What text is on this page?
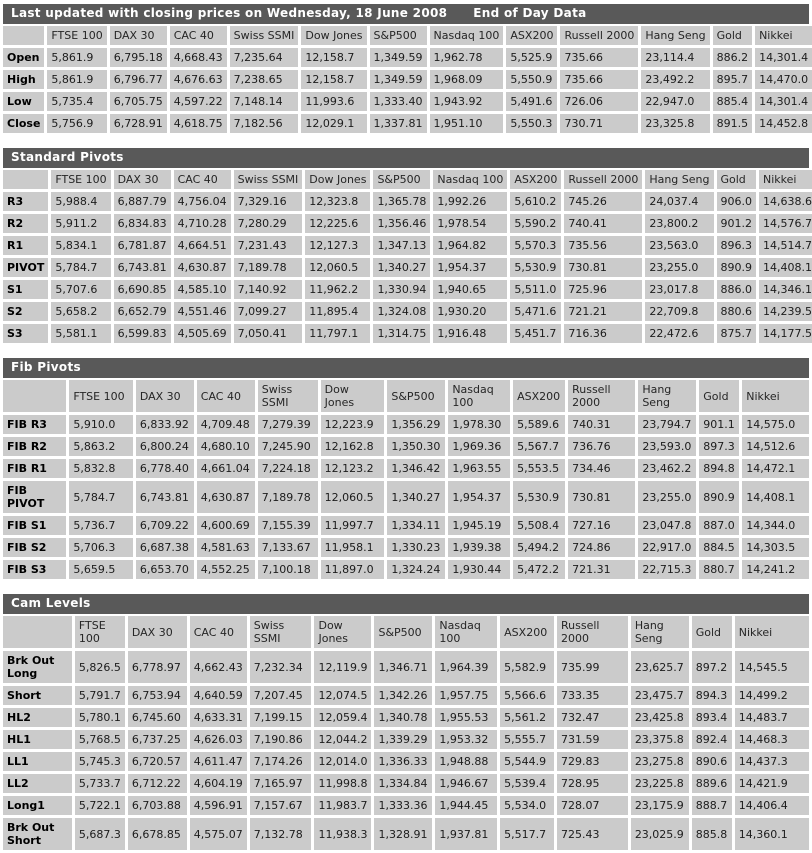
Last updated with closing prices on Wednesday, 18 June 2008 End of Day Data
	FTSE 100	DAX 30	CAC 40	Swiss SSMI	Dow Jones	S&P500	Nasdaq 100	ASX200	Russell 2000	Hang Seng	Gold	Nikkei
Open	5,861.9	6,795.18	4,668.43	7,235.64	12,158.7	1,349.59	1,962.78	5,525.9	735.66	23,114.4	886.2	14,301.4
High	5,861.9	6,796.77	4,676.63	7,238.65	12,158.7	1,349.59	1,968.09	5,550.9	735.66	23,492.2	895.7	14,470.0
Low	5,735.4	6,705.75	4,597.22	7,148.14	11,993.6	1,333.40	1,943.92	5,491.6	726.06	22,947.0	885.4	14,301.4
Close	5,756.9	6,728.91	4,618.75	7,182.56	12,029.1	1,337.81	1,951.10	5,550.3	730.71	23,325.8	891.5	14,452.8
Standard Pivots
	FTSE 100	DAX 30	CAC 40	Swiss SSMI	Dow Jones	S&P500	Nasdaq 100	ASX200	Russell 2000	Hang Seng	Gold	Nikkei
R3	5,988.4	6,887.79	4,756.04	7,329.16	12,323.8	1,365.78	1,992.26	5,610.2	745.26	24,037.4	906.0	14,638.6
R2	5,911.2	6,834.83	4,710.28	7,280.29	12,225.6	1,356.46	1,978.54	5,590.2	740.41	23,800.2	901.2	14,576.7
R1	5,834.1	6,781.87	4,664.51	7,231.43	12,127.3	1,347.13	1,964.82	5,570.3	735.56	23,563.0	896.3	14,514.7
PIVOT	5,784.7	6,743.81	4,630.87	7,189.78	12,060.5	1,340.27	1,954.37	5,530.9	730.81	23,255.0	890.9	14,408.1
S1	5,707.6	6,690.85	4,585.10	7,140.92	11,962.2	1,330.94	1,940.65	5,511.0	725.96	23,017.8	886.0	14,346.1
S2	5,658.2	6,652.79	4,551.46	7,099.27	11,895.4	1,324.08	1,930.20	5,471.6	721.21	22,709.8	880.6	14,239.5
S3	5,581.1	6,599.83	4,505.69	7,050.41	11,797.1	1,314.75	1,916.48	5,451.7	716.36	22,472.6	875.7	14,177.5
Fib Pivots
	FTSE 100	DAX 30	CAC 40	Swiss SSMI	Dow Jones	S&P500	Nasdaq 100	ASX200	Russell 2000	Hang Seng	Gold	Nikkei
FIB R3	5,910.0	6,833.92	4,709.48	7,279.39	12,223.9	1,356.29	1,978.30	5,589.6	740.31	23,794.7	901.1	14,575.0
FIB R2	5,863.2	6,800.24	4,680.10	7,245.90	12,162.8	1,350.30	1,969.36	5,567.7	736.76	23,593.0	897.3	14,512.6
FIB R1	5,832.8	6,778.40	4,661.04	7,224.18	12,123.2	1,346.42	1,963.55	5,553.5	734.46	23,462.2	894.8	14,472.1
FIB PIVOT	5,784.7	6,743.81	4,630.87	7,189.78	12,060.5	1,340.27	1,954.37	5,530.9	730.81	23,255.0	890.9	14,408.1
FIB S1	5,736.7	6,709.22	4,600.69	7,155.39	11,997.7	1,334.11	1,945.19	5,508.4	727.16	23,047.8	887.0	14,344.0
FIB S2	5,706.3	6,687.38	4,581.63	7,133.67	11,958.1	1,330.23	1,939.38	5,494.2	724.86	22,917.0	884.5	14,303.5
FIB S3	5,659.5	6,653.70	4,552.25	7,100.18	11,897.0	1,324.24	1,930.44	5,472.2	721.31	22,715.3	880.7	14,241.2
Cam Levels
	FTSE 100	DAX 30	CAC 40	Swiss SSMI	Dow Jones	S&P500	Nasdaq 100	ASX200	Russell 2000	Hang Seng	Gold	Nikkei
Brk Out Long	5,826.5	6,778.97	4,662.43	7,232.34	12,119.9	1,346.71	1,964.39	5,582.9	735.99	23,625.7	897.2	14,545.5
Short	5,791.7	6,753.94	4,640.59	7,207.45	12,074.5	1,342.26	1,957.75	5,566.6	733.35	23,475.7	894.3	14,499.2
HL2	5,780.1	6,745.60	4,633.31	7,199.15	12,059.4	1,340.78	1,955.53	5,561.2	732.47	23,425.8	893.4	14,483.7
HL1	5,768.5	6,737.25	4,626.03	7,190.86	12,044.2	1,339.29	1,953.32	5,555.7	731.59	23,375.8	892.4	14,468.3
LL1	5,745.3	6,720.57	4,611.47	7,174.26	12,014.0	1,336.33	1,948.88	5,544.9	729.83	23,275.8	890.6	14,437.3
LL2	5,733.7	6,712.22	4,604.19	7,165.97	11,998.8	1,334.84	1,946.67	5,539.4	728.95	23,225.8	889.6	14,421.9
Long1	5,722.1	6,703.88	4,596.91	7,157.67	11,983.7	1,333.36	1,944.45	5,534.0	728.07	23,175.9	888.7	14,406.4
Brk Out Short	5,687.3	6,678.85	4,575.07	7,132.78	11,938.3	1,328.91	1,937.81	5,517.7	725.43	23,025.9	885.8	14,360.1
